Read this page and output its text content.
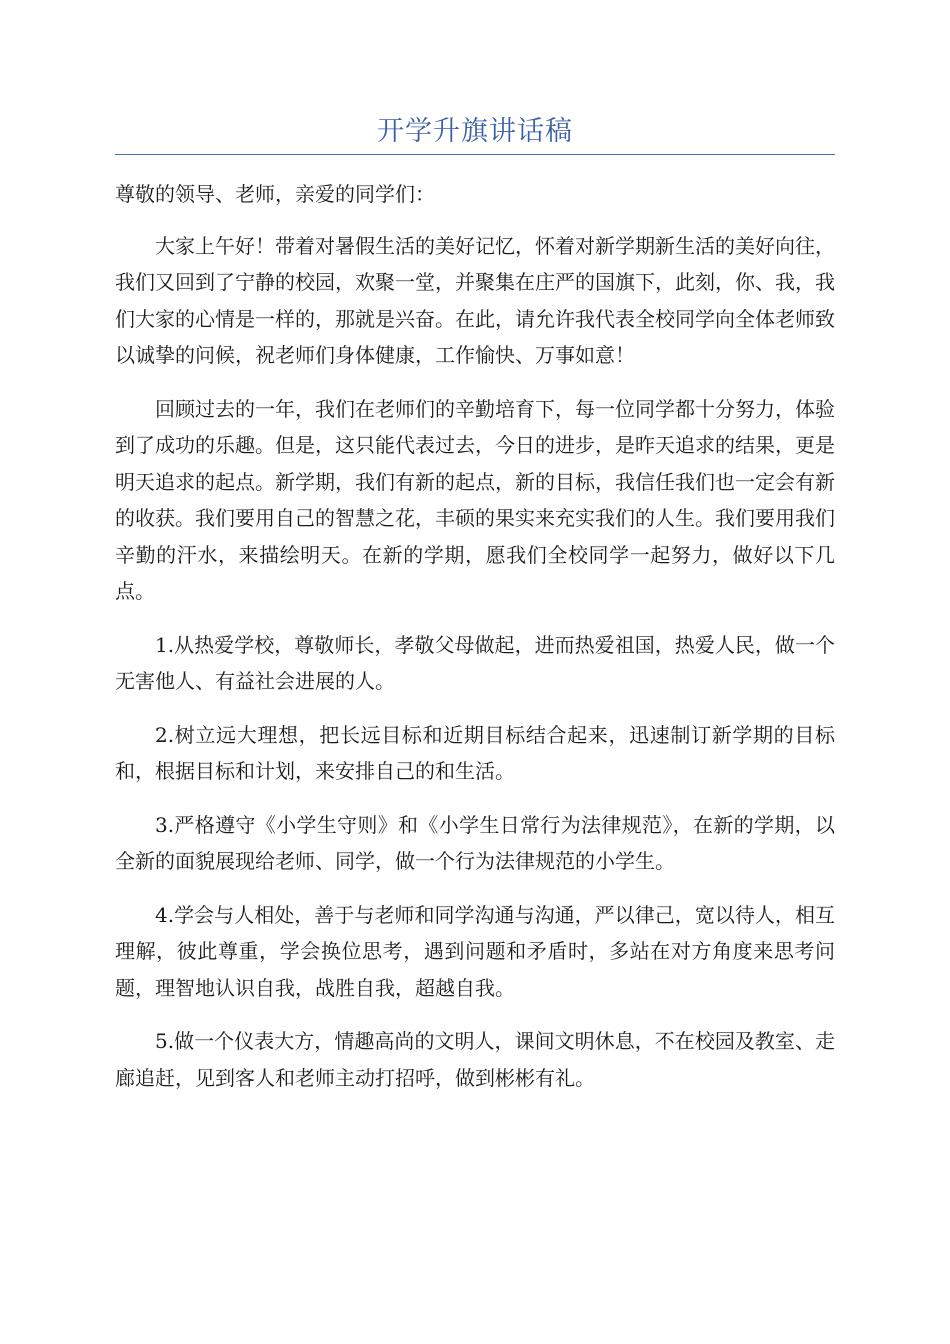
开学升旗讲话稿

尊敬的领导、老师，亲爱的同学们：

大家上午好！带着对暑假生活的美好记忆，怀着对新学期新生活的美好向往，我们又回到了宁静的校园，欢聚一堂，并聚集在庄严的国旗下，此刻，你、我，我们大家的心情是一样的，那就是兴奋。在此，请允许我代表全校同学向全体老师致以诚挚的问候，祝老师们身体健康，工作愉快、万事如意！

回顾过去的一年，我们在老师们的辛勤培育下，每一位同学都十分努力，体验到了成功的乐趣。但是，这只能代表过去，今日的进步，是昨天追求的结果，更是明天追求的起点。新学期，我们有新的起点，新的目标，我信任我们也一定会有新的收获。我们要用自己的智慧之花，丰硕的果实来充实我们的人生。我们要用我们辛勤的汗水，来描绘明天。在新的学期，愿我们全校同学一起努力，做好以下几点。

1.从热爱学校，尊敬师长，孝敬父母做起，进而热爱祖国，热爱人民，做一个无害他人、有益社会进展的人。

2.树立远大理想，把长远目标和近期目标结合起来，迅速制订新学期的目标和，根据目标和计划，来安排自己的和生活。

3.严格遵守《小学生守则》和《小学生日常行为法律规范》，在新的学期，以全新的面貌展现给老师、同学，做一个行为法律规范的小学生。

4.学会与人相处，善于与老师和同学沟通与沟通，严以律己，宽以待人，相互理解，彼此尊重，学会换位思考，遇到问题和矛盾时，多站在对方角度来思考问题，理智地认识自我，战胜自我，超越自我。

5.做一个仪表大方，情趣高尚的文明人，课间文明休息，不在校园及教室、走廊追赶，见到客人和老师主动打招呼，做到彬彬有礼。
